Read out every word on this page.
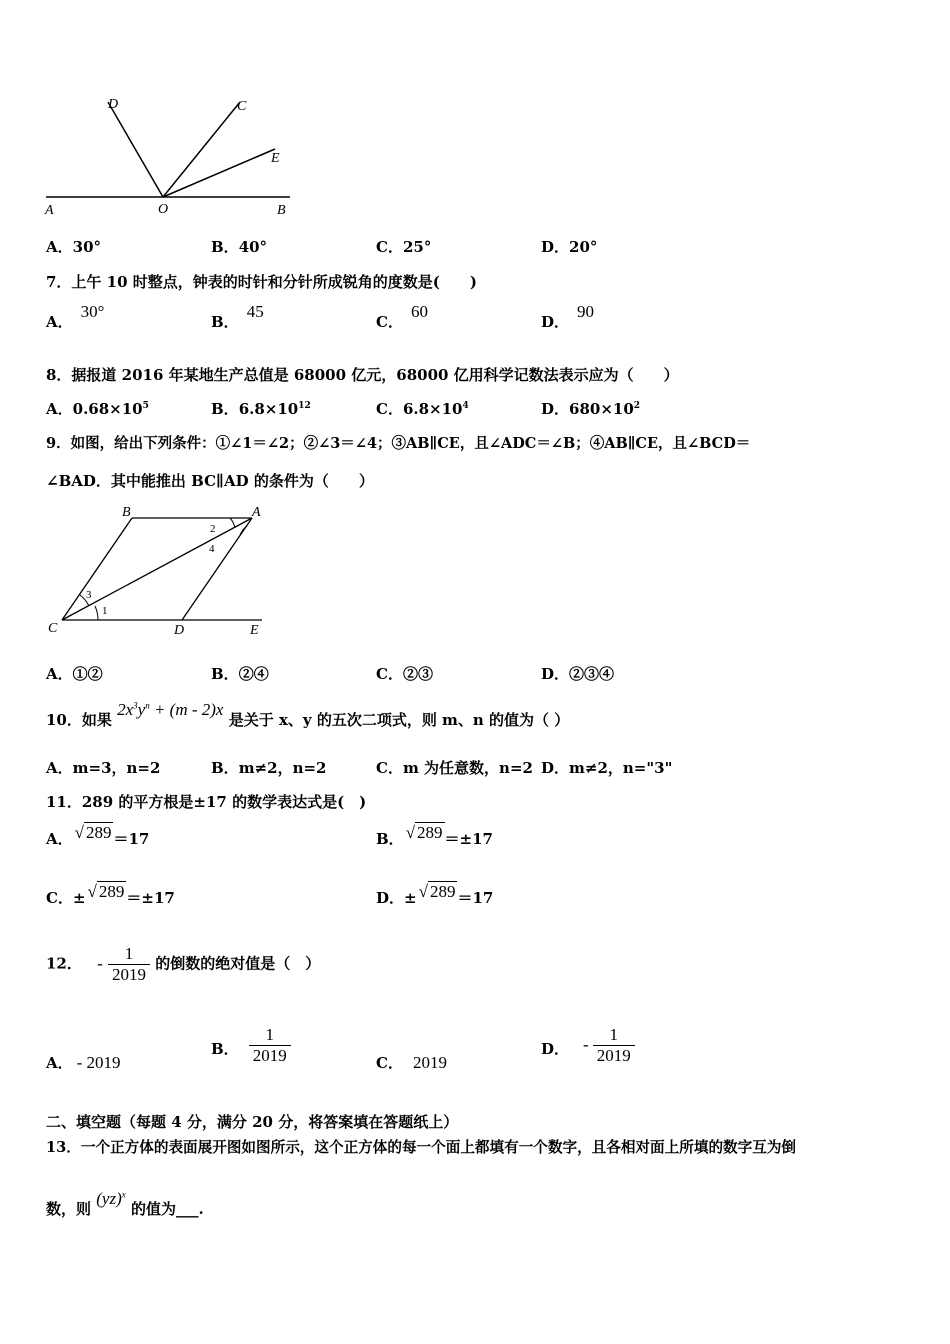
D	C
E
A	O	B
A．30°	B．40°	C．25°	D．20°
7．上午 10 时整点，钟表的时针和分针所成锐角的度数是(　　)
A．30°
B．45
C．60
D．90
8．据报道 2016 年某地生产总值是 68000 亿元，68000 亿用科学记数法表示应为（　　）
A．$0.68\times 10^5$	B．$6.8\times 10^{12}$	C．$6.8\times 10^4$	D．$680\times 10^2$
9．如图，给出下列条件：①∠1＝∠2；②∠3＝∠4；③AB∥CE，且∠ADC＝∠B；④AB∥CE，且∠BCD＝
∠BAD．其中能推出 BC∥AD 的条件为（　　）
B	A
C	D	E
2
4
3
1
A．①②	B．②④	C．②③	D．②③④
10．如果 $2x^3y^n + (m - 2)x$ 是关于 x、y 的五次二项式，则 m、n 的值为（ ）
A．m=3，n=2	B．m≠2，n=2	C．m 为任意数，n=2 D．m≠2，n="3"
11．289 的平方根是±17 的数学表达式是(　)
A． √ 289 ＝17	B． √ 289 ＝±17
C．± √ 289 ＝±17	D．± √ 289 ＝17
12． - $\frac{1}{2019}$ 的倒数的绝对值是（　）
A． - 2019
B． $\frac{1}{2019}$	C． 2019
D． - $\frac{1}{2019}$
二、填空题（每题 4 分，满分 20 分，将答案填在答题纸上）
13．一个正方体的表面展开图如图所示，这个正方体的每一个面上都填有一个数字，且各相对面上所填的数字互为倒
数，则 (yz)$^x$ 的值为___.
